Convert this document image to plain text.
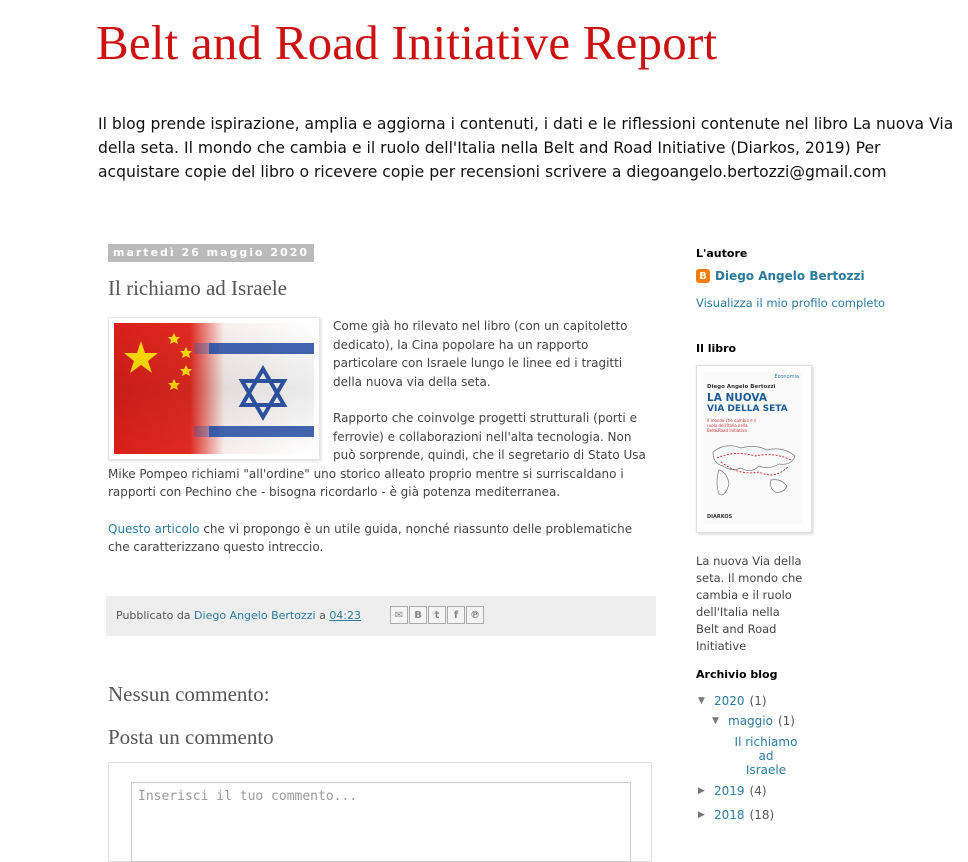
Belt and Road Initiative Report
Il blog prende ispirazione, amplia e aggiorna i contenuti, i dati e le riflessioni contenute nel libro La nuova Via della seta. Il mondo che cambia e il ruolo dell'Italia nella Belt and Road Initiative (Diarkos, 2019) Per acquistare copie del libro o ricevere copie per recensioni scrivere a diegoangelo.bertozzi@gmail.com
martedì 26 maggio 2020
Il richiamo ad Israele

Come già ho rilevato nel libro (con un capitoletto dedicato), la Cina popolare ha un rapporto particolare con Israele lungo le linee ed i tragitti della nuova via della seta.

Rapporto che coinvolge progetti strutturali (porti e ferrovie) e collaborazioni nell'alta tecnologia. Non può sorprende, quindi, che il segretario di Stato Usa Mike Pompeo richiami "all'ordine" uno storico alleato proprio mentre si surriscaldano i rapporti con Pechino che - bisogna ricordarlo - è già potenza mediterranea.

Questo articolo che vi propongo è un utile guida, nonché riassunto delle problematiche che caratterizzano questo intreccio.

Pubblicato da Diego Angelo Bertozzi a 04:23	✉	B	t	f	℗
Nessun commento:
Posta un commento
Inserisci il tuo commento...
L'autore
B Diego Angelo Bertozzi
Visualizza il mio profilo completo
Il libro
Economia
Diego Angelo Bertozzi
LA NUOVA
VIA DELLA SETA
Il mondo che cambia e il ruolo dell'Italia nella Belt&Road Initiative
DIARKOS
La nuova Via della seta. Il mondo che cambia e il ruolo dell'Italia nella Belt and Road Initiative
Archivio blog
▼ 2020 (1)
▼ maggio (1)
Il richiamo ad
Israele
▶ 2019 (4)
▶ 2018 (18)
